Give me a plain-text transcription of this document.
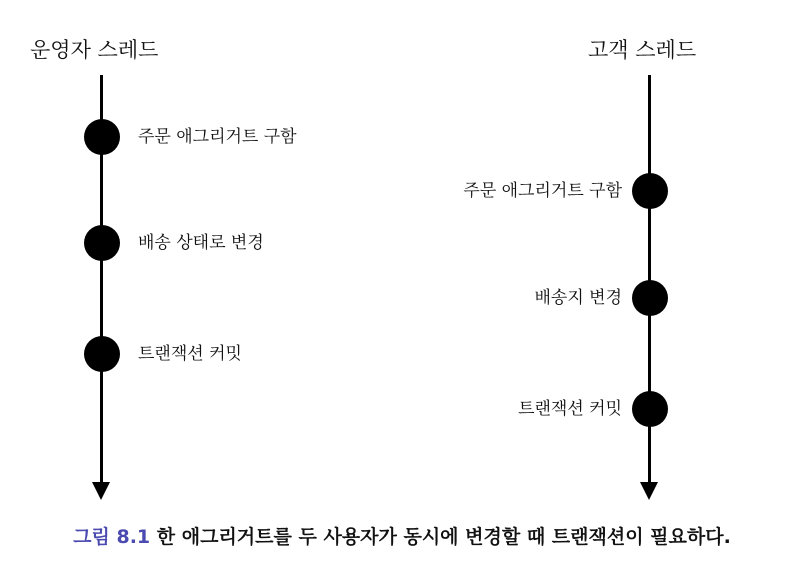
운영자 스레드
주문 애그리거트 구함
배송 상태로 변경
트랜잭션 커밋
고객 스레드
주문 애그리거트 구함
배송지 변경
트랜잭션 커밋
그림 8.1 한 애그리거트를 두 사용자가 동시에 변경할 때 트랜잭션이 필요하다.
